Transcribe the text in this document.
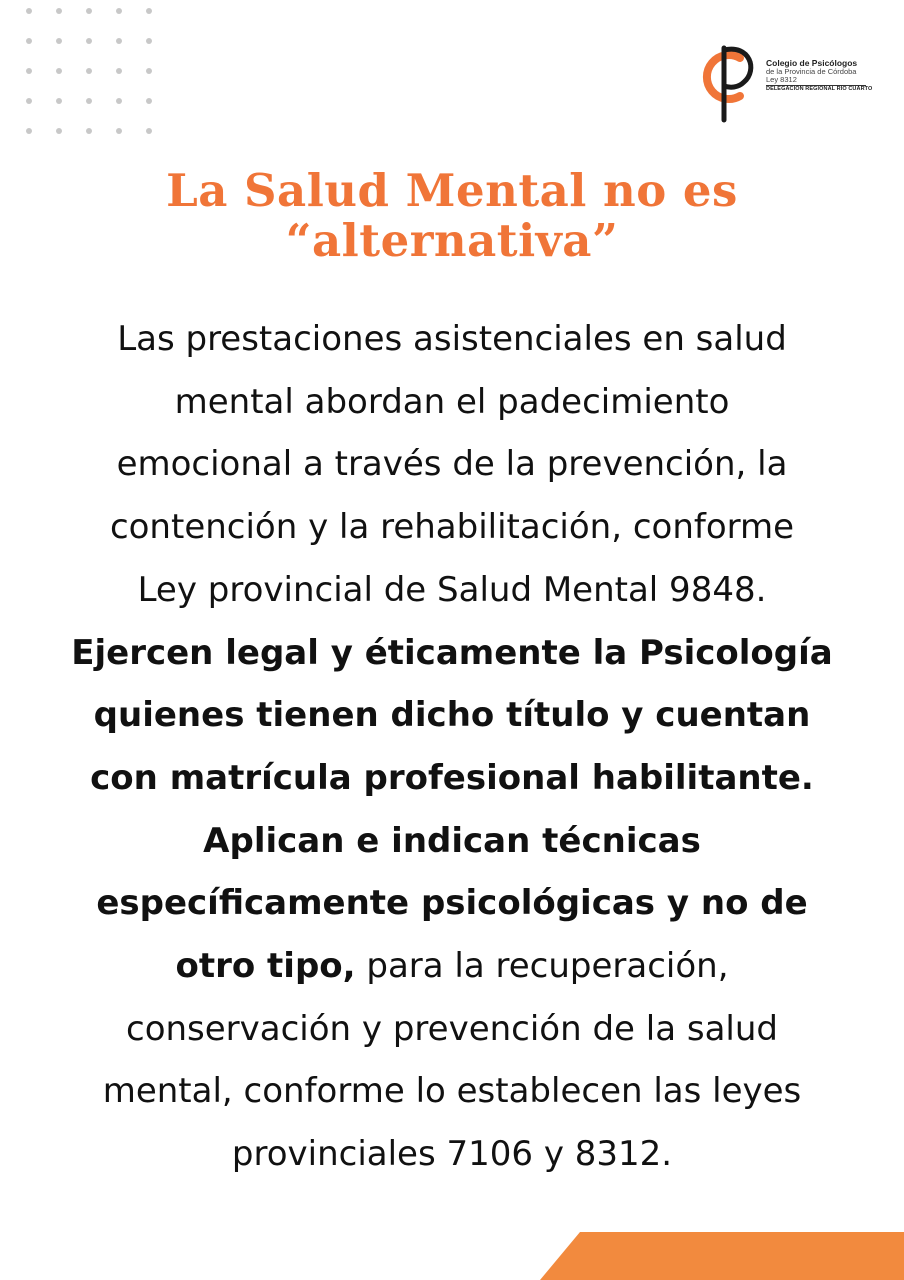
Colegio de Psicólogos
de la Provincia de Córdoba
Ley 8312
DELEGACIÓN REGIONAL RÍO CUARTO
La Salud Mental no es
“alternativa”
Las prestaciones asistenciales en salud
mental abordan el padecimiento
emocional a través de la prevención, la
contención y la rehabilitación, conforme
Ley provincial de Salud Mental 9848.
Ejercen legal y éticamente la Psicología
quienes tienen dicho título y cuentan
con matrícula profesional habilitante.
Aplican e indican técnicas
específicamente psicológicas y no de
otro tipo, para la recuperación,
conservación y prevención de la salud
mental, conforme lo establecen las leyes
provinciales 7106 y 8312.
